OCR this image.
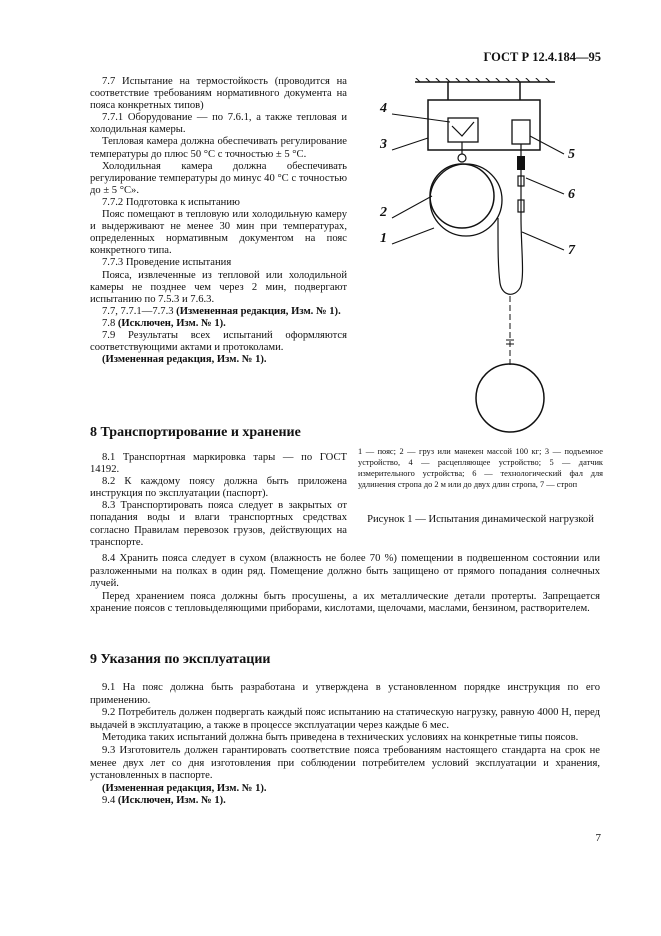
ГОСТ Р 12.4.184—95

7.7 Испытание на термостойкость (проводится на соответствие требованиям нормативного документа на пояса конкретных типов)

7.7.1 Оборудование — по 7.6.1, а также тепловая и холодильная камеры.

Тепловая камера должна обеспечивать регулирование температуры до плюс 50 °С с точностью ± 5 °С.

Холодильная камера должна обеспечивать регулирование температуры до минус 40 °С с точностью до ± 5 °С».

7.7.2 Подготовка к испытанию

Пояс помещают в тепловую или холодильную камеру и выдерживают не менее 30 мин при температурах, определенных нормативным документом на пояс конкретного типа.

7.7.3 Проведение испытания

Пояса, извлеченные из тепловой или холодильной камеры не позднее чем через 2 мин, подвергают испытанию по 7.5.3 и 7.6.3.

7.7, 7.7.1—7.7.3 (Измененная редакция, Изм. № 1).

7.8 (Исключен, Изм. № 1).

7.9 Результаты всех испытаний оформляются соответствующими актами и протоколами.

(Измененная редакция, Изм. № 1).

8 Транспортирование и хранение

8.1 Транспортная маркировка тары — по ГОСТ 14192.

8.2 К каждому поясу должна быть приложена инструкция по эксплуатации (паспорт).

8.3 Транспортировать пояса следует в закрытых от попадания воды и влаги транспортных средствах согласно Правилам перевозок грузов, действующих на транспорте.

8.4 Хранить пояса следует в сухом (влажность не более 70 %) помещении в подвешенном состоянии или разложенными на полках в один ряд. Помещение должно быть защищено от прямого попадания солнечных лучей.

Перед хранением пояса должны быть просушены, а их металлические детали протерты. Запрещается хранение поясов с тепловыделяющими приборами, кислотами, щелочами, маслами, бензином, растворителем.

9 Указания по эксплуатации

9.1 На пояс должна быть разработана и утверждена в установленном порядке инструкция по его применению.

9.2 Потребитель должен подвергать каждый пояс испытанию на статическую нагрузку, равную 4000 Н, перед выдачей в эксплуатацию, а также в процессе эксплуатации через каждые 6 мес.

Методика таких испытаний должна быть приведена в технических условиях на конкретные типы поясов.

9.3 Изготовитель должен гарантировать соответствие пояса требованиям настоящего стандарта на срок не менее двух лет со дня изготовления при соблюдении потребителем условий эксплуатации и хранения, установленных в паспорте.

(Измененная редакция, Изм. № 1).

9.4 (Исключен, Изм. № 1).

4
3
5
6
2
1
7
1 — пояс; 2 — груз или манекен массой 100 кг; 3 — подъемное устройство, 4 — расцепляющее устройство; 5 — датчик измерительного устройства; 6 — технологический фал для удлинения стропа до 2 м или до двух длин стропа, 7 — строп
Рисунок 1 — Испытания динамической нагрузкой
7
